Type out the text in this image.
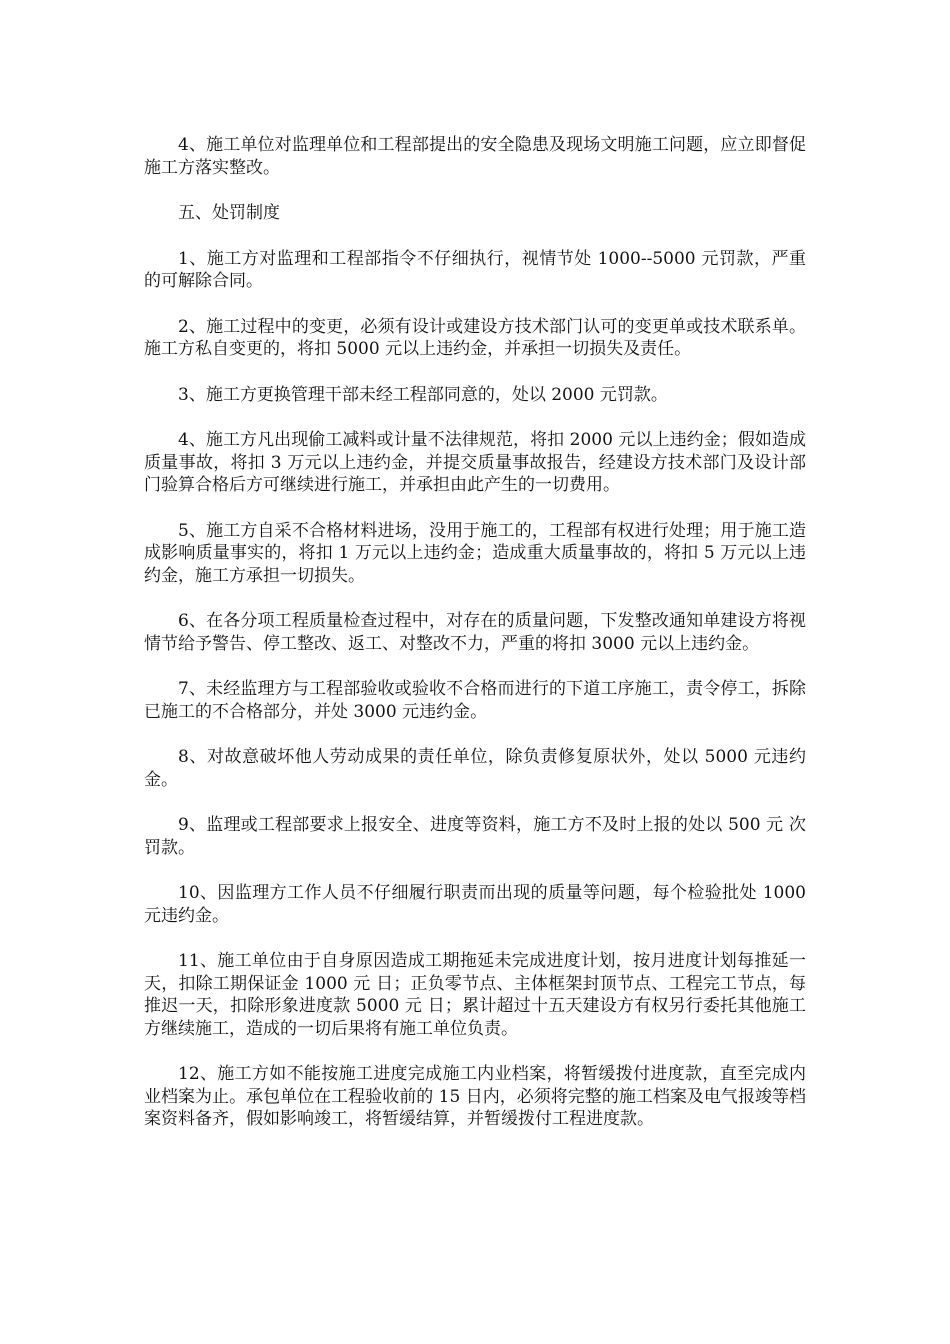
4、施工单位对监理单位和工程部提出的安全隐患及现场文明施工问题，应立即督促施工方落实整改。

五、处罚制度

1、施工方对监理和工程部指令不仔细执行，视情节处 1000--5000 元罚款，严重的可解除合同。

2、施工过程中的变更，必须有设计或建设方技术部门认可的变更单或技术联系单。施工方私自变更的，将扣 5000 元以上违约金，并承担一切损失及责任。

3、施工方更换管理干部未经工程部同意的，处以 2000 元罚款。

4、施工方凡出现偷工减料或计量不法律规范，将扣 2000 元以上违约金；假如造成质量事故，将扣 3 万元以上违约金，并提交质量事故报告，经建设方技术部门及设计部门验算合格后方可继续进行施工，并承担由此产生的一切费用。

5、施工方自采不合格材料进场，没用于施工的，工程部有权进行处理；用于施工造成影响质量事实的，将扣 1 万元以上违约金；造成重大质量事故的，将扣 5 万元以上违约金，施工方承担一切损失。

6、在各分项工程质量检查过程中，对存在的质量问题，下发整改通知单建设方将视情节给予警告、停工整改、返工、对整改不力，严重的将扣 3000 元以上违约金。

7、未经监理方与工程部验收或验收不合格而进行的下道工序施工，责令停工，拆除已施工的不合格部分，并处 3000 元违约金。

8、对故意破坏他人劳动成果的责任单位，除负责修复原状外，处以 5000 元违约金。

9、监理或工程部要求上报安全、进度等资料，施工方不及时上报的处以 500 元 次罚款。

10、因监理方工作人员不仔细履行职责而出现的质量等问题，每个检验批处 1000 元违约金。

11、施工单位由于自身原因造成工期拖延未完成进度计划，按月进度计划每推延一天，扣除工期保证金 1000 元 日；正负零节点、主体框架封顶节点、工程完工节点，每推迟一天，扣除形象进度款 5000 元 日；累计超过十五天建设方有权另行委托其他施工方继续施工，造成的一切后果将有施工单位负责。

12、施工方如不能按施工进度完成施工内业档案，将暂缓拨付进度款，直至完成内业档案为止。承包单位在工程验收前的 15 日内，必须将完整的施工档案及电气报竣等档案资料备齐，假如影响竣工，将暂缓结算，并暂缓拨付工程进度款。
